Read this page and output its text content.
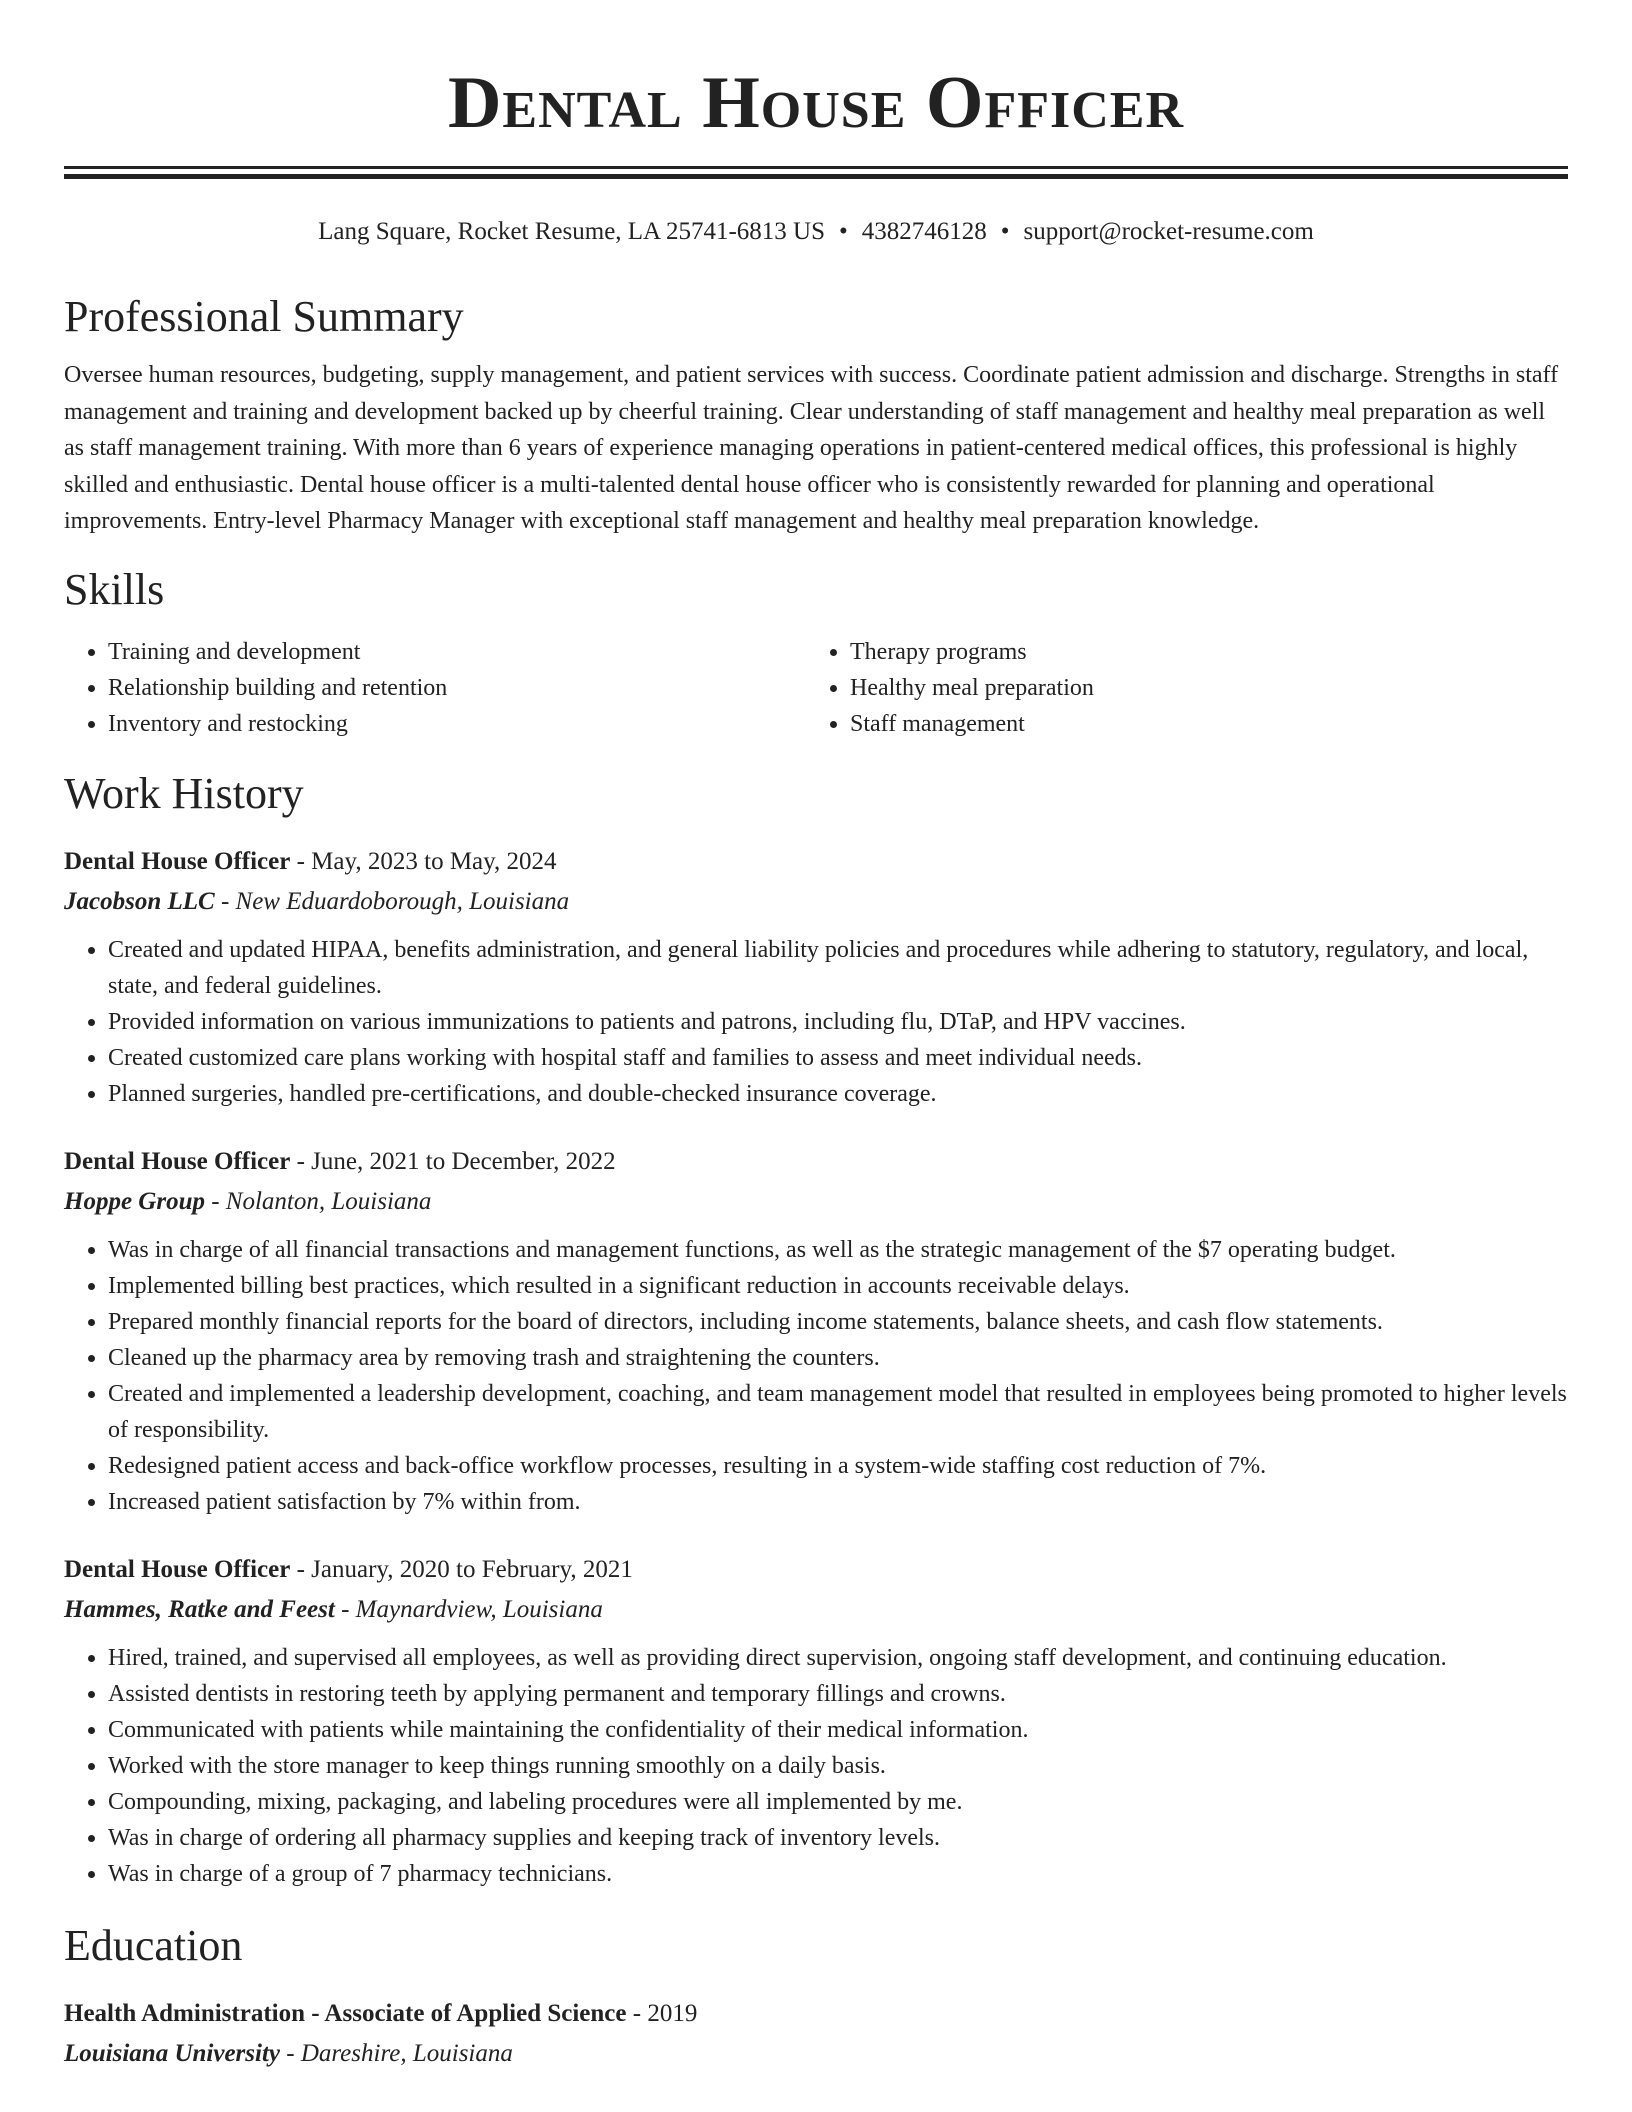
Dental House Officer
Lang Square, Rocket Resume, LA 25741-6813 US • 4382746128 • support@rocket-resume.com
Professional Summary

Oversee human resources, budgeting, supply management, and patient services with success. Coordinate patient admission and discharge. Strengths in staff management and training and development backed up by cheerful training. Clear understanding of staff management and healthy meal preparation as well as staff management training. With more than 6 years of experience managing operations in patient-centered medical offices, this professional is highly skilled and enthusiastic. Dental house officer is a multi-talented dental house officer who is consistently rewarded for planning and operational improvements. Entry-level Pharmacy Manager with exceptional staff management and healthy meal preparation knowledge.

Skills
• Training and development
• Relationship building and retention
• Inventory and restocking
• Therapy programs
• Healthy meal preparation
• Staff management
Work History
Dental House Officer - May, 2023 to May, 2024
Jacobson LLC - New Eduardoborough, Louisiana
• Created and updated HIPAA, benefits administration, and general liability policies and procedures while adhering to statutory, regulatory, and local, state, and federal guidelines.
• Provided information on various immunizations to patients and patrons, including flu, DTaP, and HPV vaccines.
• Created customized care plans working with hospital staff and families to assess and meet individual needs.
• Planned surgeries, handled pre-certifications, and double-checked insurance coverage.
Dental House Officer - June, 2021 to December, 2022
Hoppe Group - Nolanton, Louisiana
• Was in charge of all financial transactions and management functions, as well as the strategic management of the $7 operating budget.
• Implemented billing best practices, which resulted in a significant reduction in accounts receivable delays.
• Prepared monthly financial reports for the board of directors, including income statements, balance sheets, and cash flow statements.
• Cleaned up the pharmacy area by removing trash and straightening the counters.
• Created and implemented a leadership development, coaching, and team management model that resulted in employees being promoted to higher levels of responsibility.
• Redesigned patient access and back-office workflow processes, resulting in a system-wide staffing cost reduction of 7%.
• Increased patient satisfaction by 7% within from.
Dental House Officer - January, 2020 to February, 2021
Hammes, Ratke and Feest - Maynardview, Louisiana
• Hired, trained, and supervised all employees, as well as providing direct supervision, ongoing staff development, and continuing education.
• Assisted dentists in restoring teeth by applying permanent and temporary fillings and crowns.
• Communicated with patients while maintaining the confidentiality of their medical information.
• Worked with the store manager to keep things running smoothly on a daily basis.
• Compounding, mixing, packaging, and labeling procedures were all implemented by me.
• Was in charge of ordering all pharmacy supplies and keeping track of inventory levels.
• Was in charge of a group of 7 pharmacy technicians.
Education
Health Administration - Associate of Applied Science - 2019
Louisiana University - Dareshire, Louisiana
